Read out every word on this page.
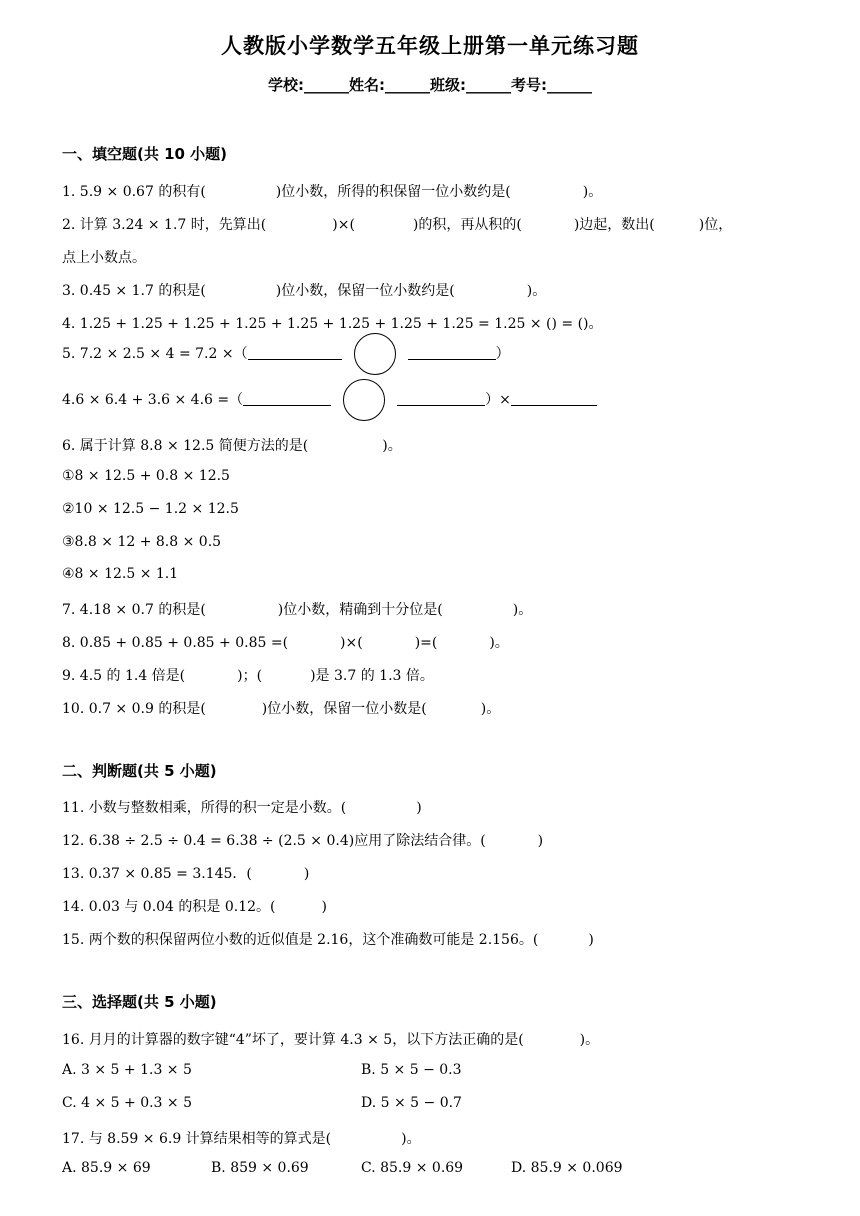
人教版小学数学五年级上册第一单元练习题
学校:______姓名:______班级:______考号:______
一、填空题(共 10 小题)
1. 5.9 × 0.67 的积有(	)位小数，所得的积保留一位小数约是(	)。
2. 计算 3.24 × 1.7 时，先算出(	)×(	)的积，再从积的(	)边起，数出(	)位，
点上小数点。
3. 0.45 × 1.7 的积是(	)位小数，保留一位小数约是(	)。
4. 1.25 + 1.25 + 1.25 + 1.25 + 1.25 + 1.25 + 1.25 + 1.25 = 1.25 × () = ()。
5. 7.2 × 2.5 × 4 = 7.2 ×（	）
4.6 × 6.4 + 3.6 × 4.6 =（	）×
6. 属于计算 8.8 × 12.5 简便方法的是(	)。
①8 × 12.5 + 0.8 × 12.5
②10 × 12.5 − 1.2 × 12.5
③8.8 × 12 + 8.8 × 0.5
④8 × 12.5 × 1.1
7. 4.18 × 0.7 的积是(	)位小数，精确到十分位是(	)。
8. 0.85 + 0.85 + 0.85 + 0.85 =(	)×(	)=(	)。
9. 4.5 的 1.4 倍是(	)；(	)是 3.7 的 1.3 倍。
10. 0.7 × 0.9 的积是(	)位小数，保留一位小数是(	)。
二、判断题(共 5 小题)
11. 小数与整数相乘，所得的积一定是小数。(	)
12. 6.38 ÷ 2.5 ÷ 0.4 = 6.38 ÷ (2.5 × 0.4)应用了除法结合律。(	)
13. 0.37 × 0.85 = 3.145．(	)
14. 0.03 与 0.04 的积是 0.12。(	)
15. 两个数的积保留两位小数的近似值是 2.16，这个准确数可能是 2.156。(	)
三、选择题(共 5 小题)
16. 月月的计算器的数字键“4”坏了，要计算 4.3 × 5，以下方法正确的是(	)。
A. 3 × 5 + 1.3 × 5	B. 5 × 5 − 0.3
C. 4 × 5 + 0.3 × 5	D. 5 × 5 − 0.7
17. 与 8.59 × 6.9 计算结果相等的算式是(	)。
A. 85.9 × 69	B. 859 × 0.69	C. 85.9 × 0.69	D. 85.9 × 0.069
